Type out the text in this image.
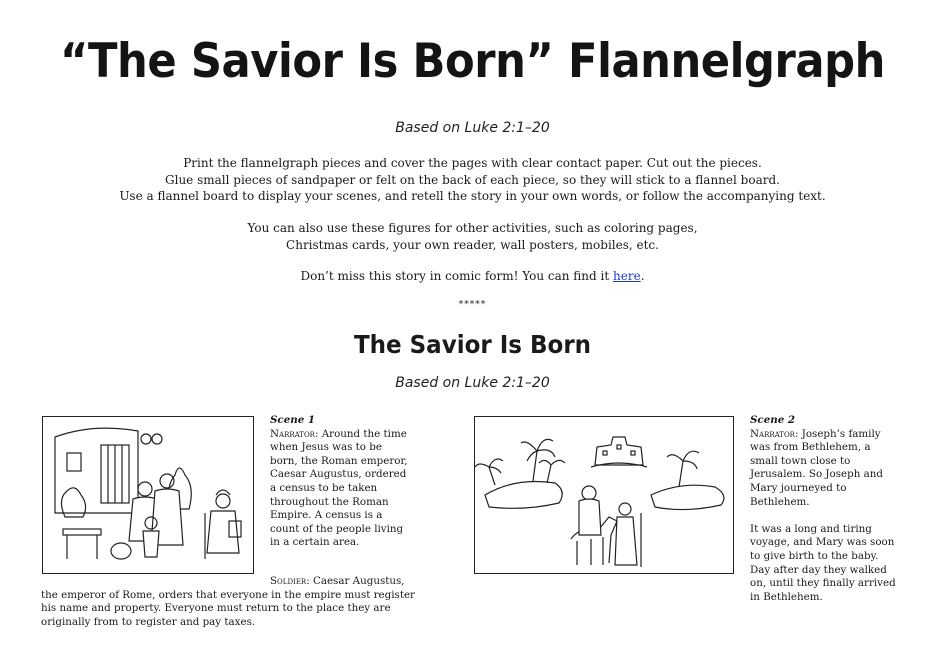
“The Savior Is Born” Flannelgraph
Based on Luke 2:1–20

Print the flannelgraph pieces and cover the pages with clear contact paper. Cut out the pieces.
Glue small pieces of sandpaper or felt on the back of each piece, so they will stick to a flannel board.
Use a flannel board to display your scenes, and retell the story in your own words, or follow the accompanying text.

You can also use these figures for other activities, such as coloring pages,
Christmas cards, your own reader, wall posters, mobiles, etc.

Don’t miss this story in comic form! You can find it here.

*****
The Savior Is Born
Based on Luke 2:1–20

Scene 1
Narrator: Around the time when Jesus was to be born, the Roman emperor, Caesar Augustus, ordered a census to be taken throughout the Roman Empire. A census is a count of the people living in a certain area.

Soldier: Caesar Augustus,
the emperor of Rome, orders that everyone in the empire must register his name and property. Everyone must return to the place they are originally from to register and pay taxes.

Scene 2
Narrator: Joseph’s family was from Bethlehem, a small town close to Jerusalem. So Joseph and Mary journeyed to Bethlehem.

It was a long and tiring voyage, and Mary was soon to give birth to the baby. Day after day they walked on, until they finally arrived in Bethlehem.
